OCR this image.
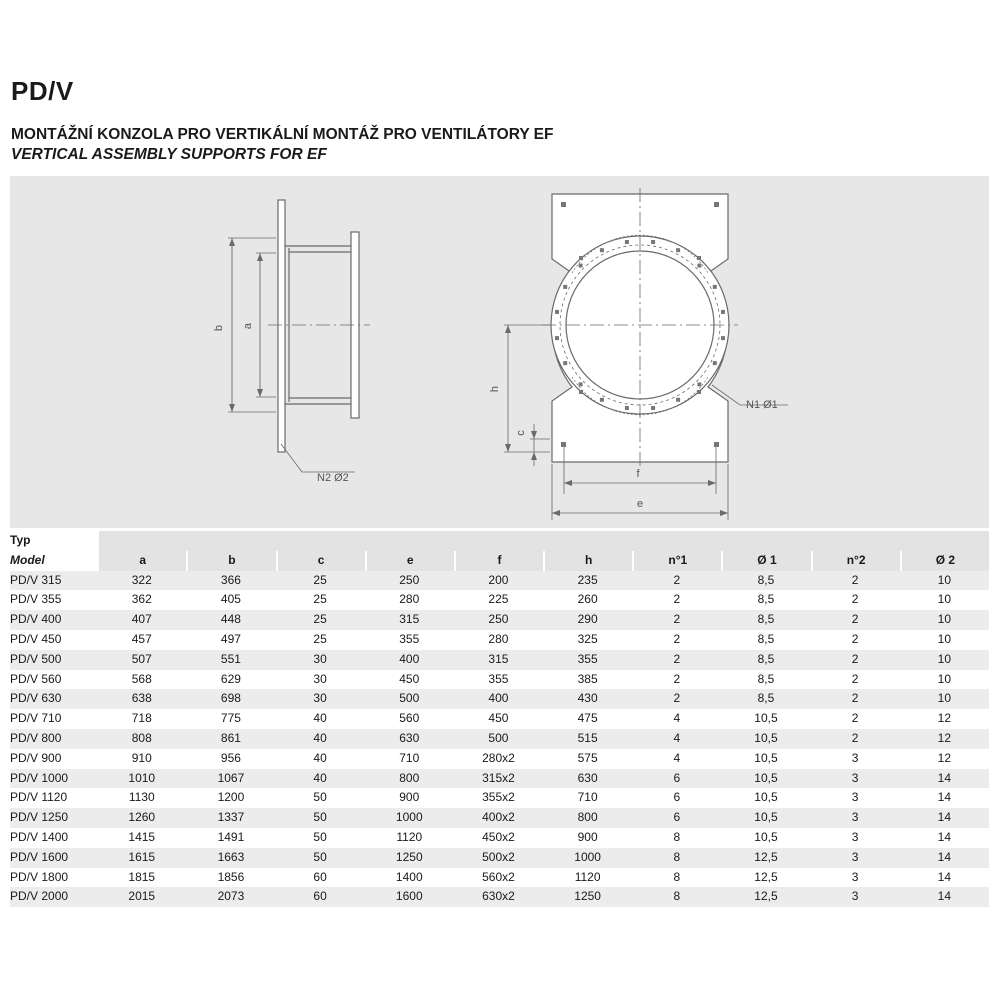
PD/V
MONTÁŽNÍ KONZOLA PRO VERTIKÁLNÍ MONTÁŽ PRO VENTILÁTORY EF
VERTICAL ASSEMBLY SUPPORTS FOR EF
b a
N2 Ø2
h
c
f
e
N1 Ø1
Typ
Model										

	a	b	c	e	f	h	n°1	Ø 1	n°2	Ø 2
PD/V 315	322	366	25	250	200	235	2	8,5	2	10
PD/V 355	362	405	25	280	225	260	2	8,5	2	10
PD/V 400	407	448	25	315	250	290	2	8,5	2	10
PD/V 450	457	497	25	355	280	325	2	8,5	2	10
PD/V 500	507	551	30	400	315	355	2	8,5	2	10
PD/V 560	568	629	30	450	355	385	2	8,5	2	10
PD/V 630	638	698	30	500	400	430	2	8,5	2	10
PD/V 710	718	775	40	560	450	475	4	10,5	2	12
PD/V 800	808	861	40	630	500	515	4	10,5	2	12
PD/V 900	910	956	40	710	280x2	575	4	10,5	3	12
PD/V 1000	1010	1067	40	800	315x2	630	6	10,5	3	14
PD/V 1120	1130	1200	50	900	355x2	710	6	10,5	3	14
PD/V 1250	1260	1337	50	1000	400x2	800	6	10,5	3	14
PD/V 1400	1415	1491	50	1120	450x2	900	8	10,5	3	14
PD/V 1600	1615	1663	50	1250	500x2	1000	8	12,5	3	14
PD/V 1800	1815	1856	60	1400	560x2	1120	8	12,5	3	14
PD/V 2000	2015	2073	60	1600	630x2	1250	8	12,5	3	14
